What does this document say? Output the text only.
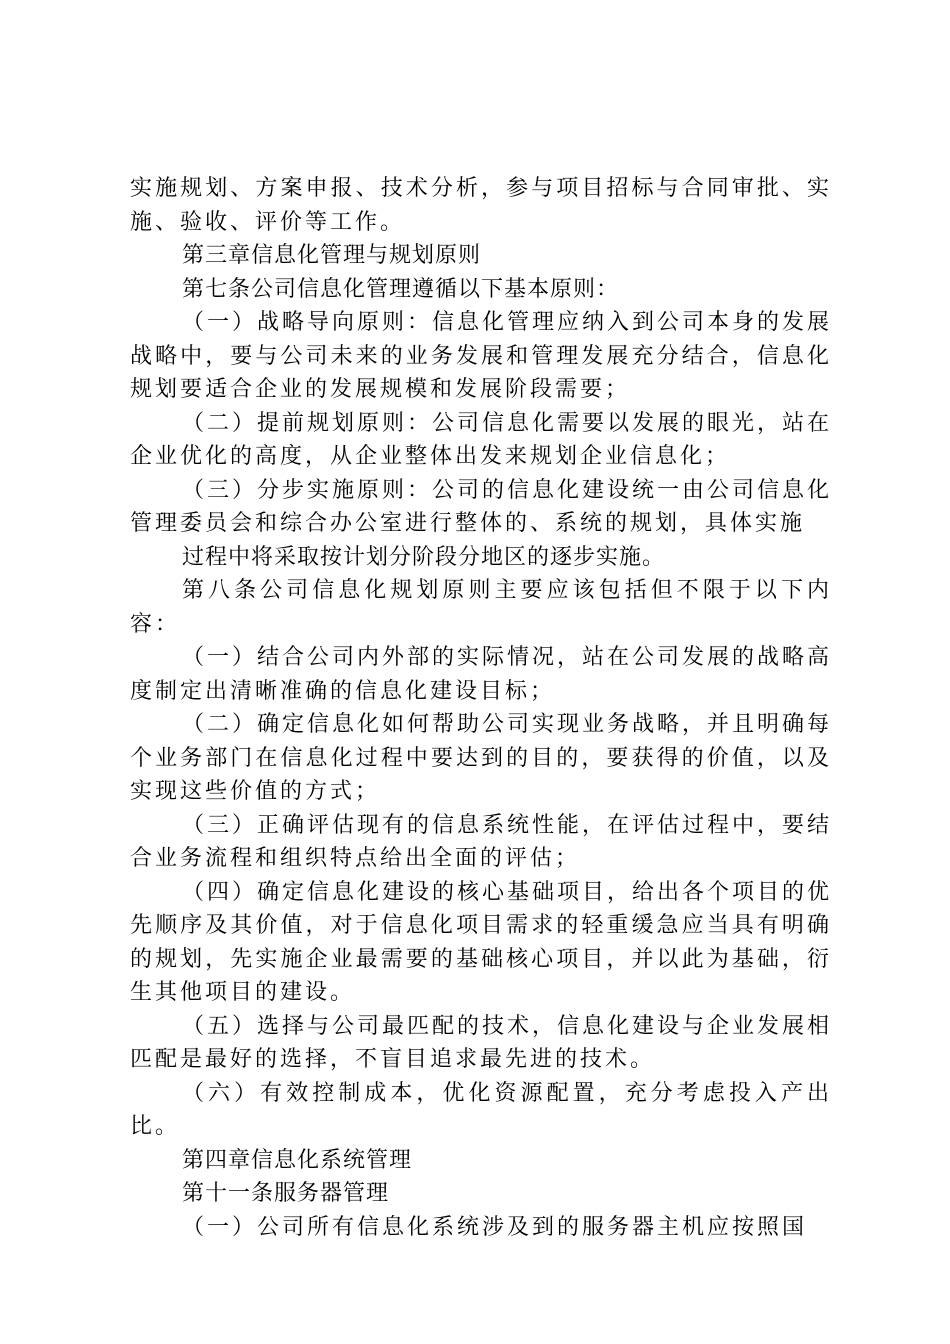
实施规划、方案申报、技术分析，参与项目招标与合同审批、实施、验收、评价等工作。

第三章信息化管理与规划原则

第七条公司信息化管理遵循以下基本原则：

（一）战略导向原则：信息化管理应纳入到公司本身的发展战略中，要与公司未来的业务发展和管理发展充分结合，信息化规划要适合企业的发展规模和发展阶段需要；

（二）提前规划原则：公司信息化需要以发展的眼光，站在企业优化的高度，从企业整体出发来规划企业信息化；

（三）分步实施原则：公司的信息化建设统一由公司信息化管理委员会和综合办公室进行整体的、系统的规划，具体实施

过程中将采取按计划分阶段分地区的逐步实施。

第八条公司信息化规划原则主要应该包括但不限于以下内容：

（一）结合公司内外部的实际情况，站在公司发展的战略高度制定出清晰准确的信息化建设目标；

（二）确定信息化如何帮助公司实现业务战略，并且明确每个业务部门在信息化过程中要达到的目的，要获得的价值，以及实现这些价值的方式；

（三）正确评估现有的信息系统性能，在评估过程中，要结合业务流程和组织特点给出全面的评估；

（四）确定信息化建设的核心基础项目，给出各个项目的优先顺序及其价值，对于信息化项目需求的轻重缓急应当具有明确的规划，先实施企业最需要的基础核心项目，并以此为基础，衍生其他项目的建设。

（五）选择与公司最匹配的技术，信息化建设与企业发展相匹配是最好的选择，不盲目追求最先进的技术。

（六）有效控制成本，优化资源配置，充分考虑投入产出比。

第四章信息化系统管理

第十一条服务器管理

（一）公司所有信息化系统涉及到的服务器主机应按照国
